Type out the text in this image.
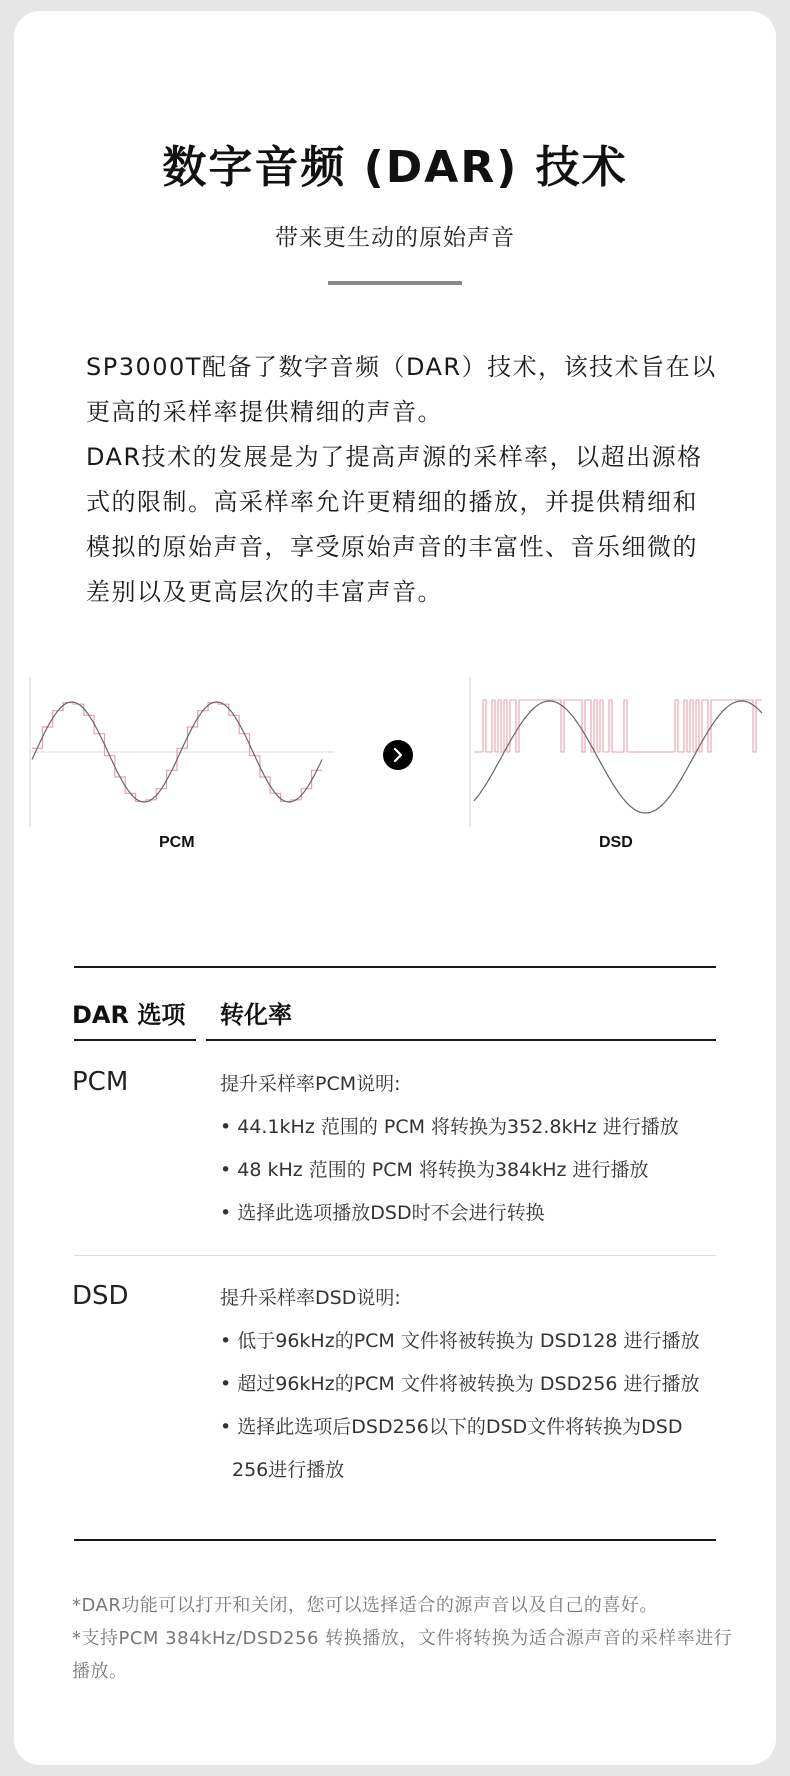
数字音频 (DAR) 技术
带来更生动的原始声音
SP3000T配备了数字音频（DAR）技术，该技术旨在以更高的采样率提供精细的声音。
DAR技术的发展是为了提高声源的采样率，以超出源格式的限制。高采样率允许更精细的播放，并提供精细和模拟的原始声音，享受原始声音的丰富性、音乐细微的差别以及更高层次的丰富声音。
PCM	DSD
DAR 选项 转化率
PCM	提升采样率PCM说明:
• 44.1kHz 范围的 PCM 将转换为352.8kHz 进行播放
• 48 kHz 范围的 PCM 将转换为384kHz 进行播放
• 选择此选项播放DSD时不会进行转换
DSD	提升采样率DSD说明:
• 低于96kHz的PCM 文件将被转换为 DSD128 进行播放
• 超过96kHz的PCM 文件将被转换为 DSD256 进行播放
• 选择此选项后DSD256以下的DSD文件将转换为DSD
256进行播放
*DAR功能可以打开和关闭，您可以选择适合的源声音以及自己的喜好。
*支持PCM 384kHz/DSD256 转换播放，文件将转换为适合源声音的采样率进行播放。
